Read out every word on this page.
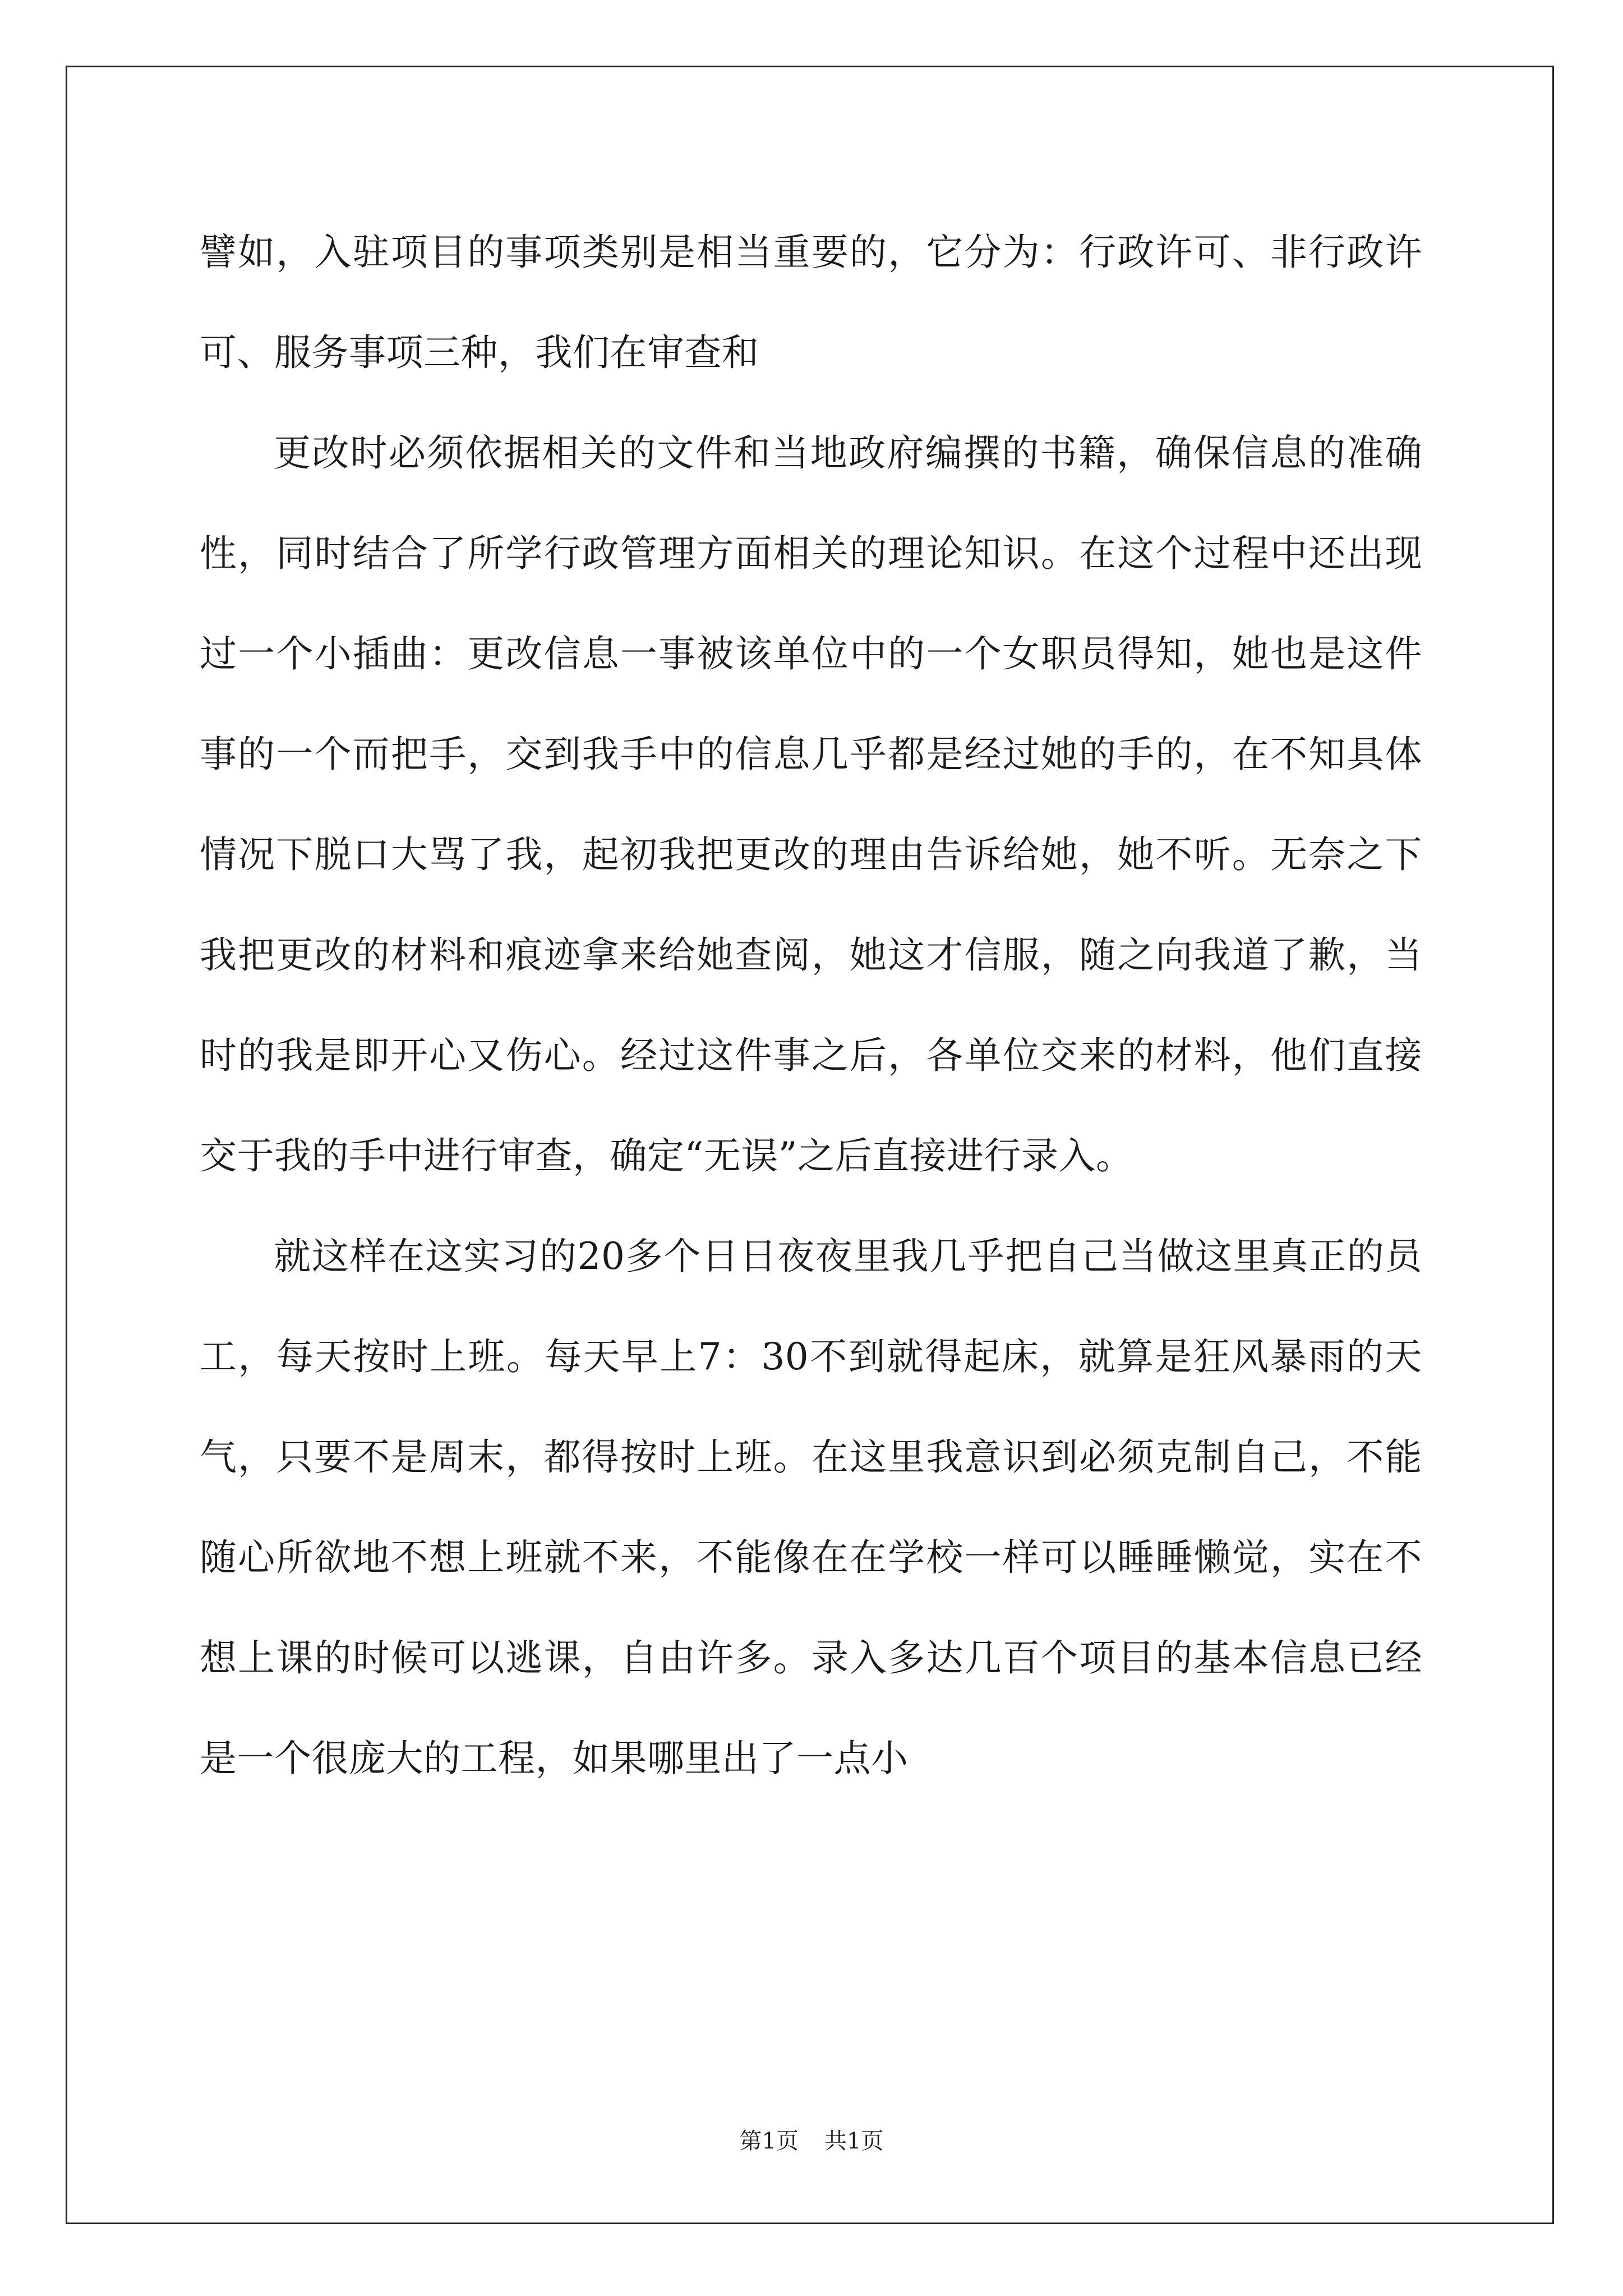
譬如，入驻项目的事项类别是相当重要的，它分为：行政许可、非行政许可、服务事项三种，我们在审查和

更改时必须依据相关的文件和当地政府编撰的书籍，确保信息的准确性，同时结合了所学行政管理方面相关的理论知识。在这个过程中还出现过一个小插曲：更改信息一事被该单位中的一个女职员得知，她也是这件事的一个而把手，交到我手中的信息几乎都是经过她的手的，在不知具体情况下脱口大骂了我，起初我把更改的理由告诉给她，她不听。无奈之下我把更改的材料和痕迹拿来给她查阅，她这才信服，随之向我道了歉，当时的我是即开心又伤心。经过这件事之后，各单位交来的材料，他们直接交于我的手中进行审查，确定“无误”之后直接进行录入。

就这样在这实习的20多个日日夜夜里我几乎把自己当做这里真正的员工，每天按时上班。每天早上7：30不到就得起床，就算是狂风暴雨的天气，只要不是周末，都得按时上班。在这里我意识到必须克制自己，不能随心所欲地不想上班就不来，不能像在在学校一样可以睡睡懒觉，实在不想上课的时候可以逃课，自由许多。录入多达几百个项目的基本信息已经是一个很庞大的工程，如果哪里出了一点小

第1页 共1页
